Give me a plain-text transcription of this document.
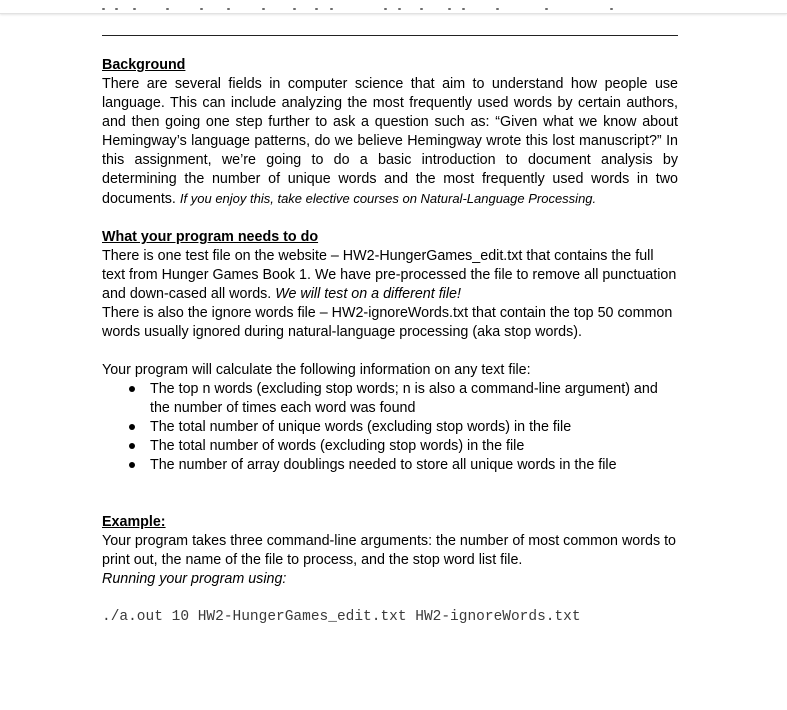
Background

There are several fields in computer science that aim to understand how people use language. This can include analyzing the most frequently used words by certain authors, and then going one step further to ask a question such as: “Given what we know about Hemingway’s language patterns, do we believe Hemingway wrote this lost manuscript?” In this assignment, we’re going to do a basic introduction to document analysis by determining the number of unique words and the most frequently used words in two documents. If you enjoy this, take elective courses on Natural-Language Processing.

What your program needs to do

There is one test file on the website – HW2-HungerGames_edit.txt that contains the full text from Hunger Games Book 1. We have pre-processed the file to remove all punctuation and down-cased all words. We will test on a different file!

There is also the ignore words file – HW2-ignoreWords.txt that contain the top 50 common words usually ignored during natural-language processing (aka stop words).

Your program will calculate the following information on any text file:

The top n words (excluding stop words; n is also a command-line argument) and the number of times each word was found
The total number of unique words (excluding stop words) in the file
The total number of words (excluding stop words) in the file
The number of array doublings needed to store all unique words in the file
Example:

Your program takes three command-line arguments: the number of most common words to print out, the name of the file to process, and the stop word list file.

Running your program using:

./a.out 10 HW2-HungerGames_edit.txt HW2-ignoreWords.txt
